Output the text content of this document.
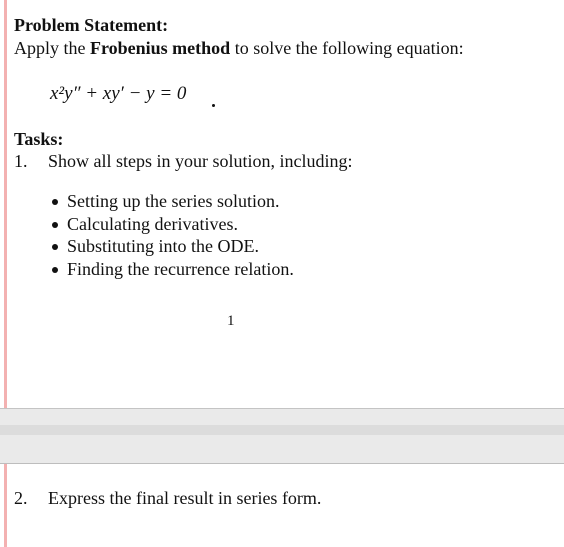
Problem Statement:
Apply the Frobenius method to solve the following equation:
x²y″ + xy′ − y = 0
Tasks:
1. Show all steps in your solution, including:
Setting up the series solution.
Calculating derivatives.
Substituting into the ODE.
Finding the recurrence relation.
1
2. Express the final result in series form.
